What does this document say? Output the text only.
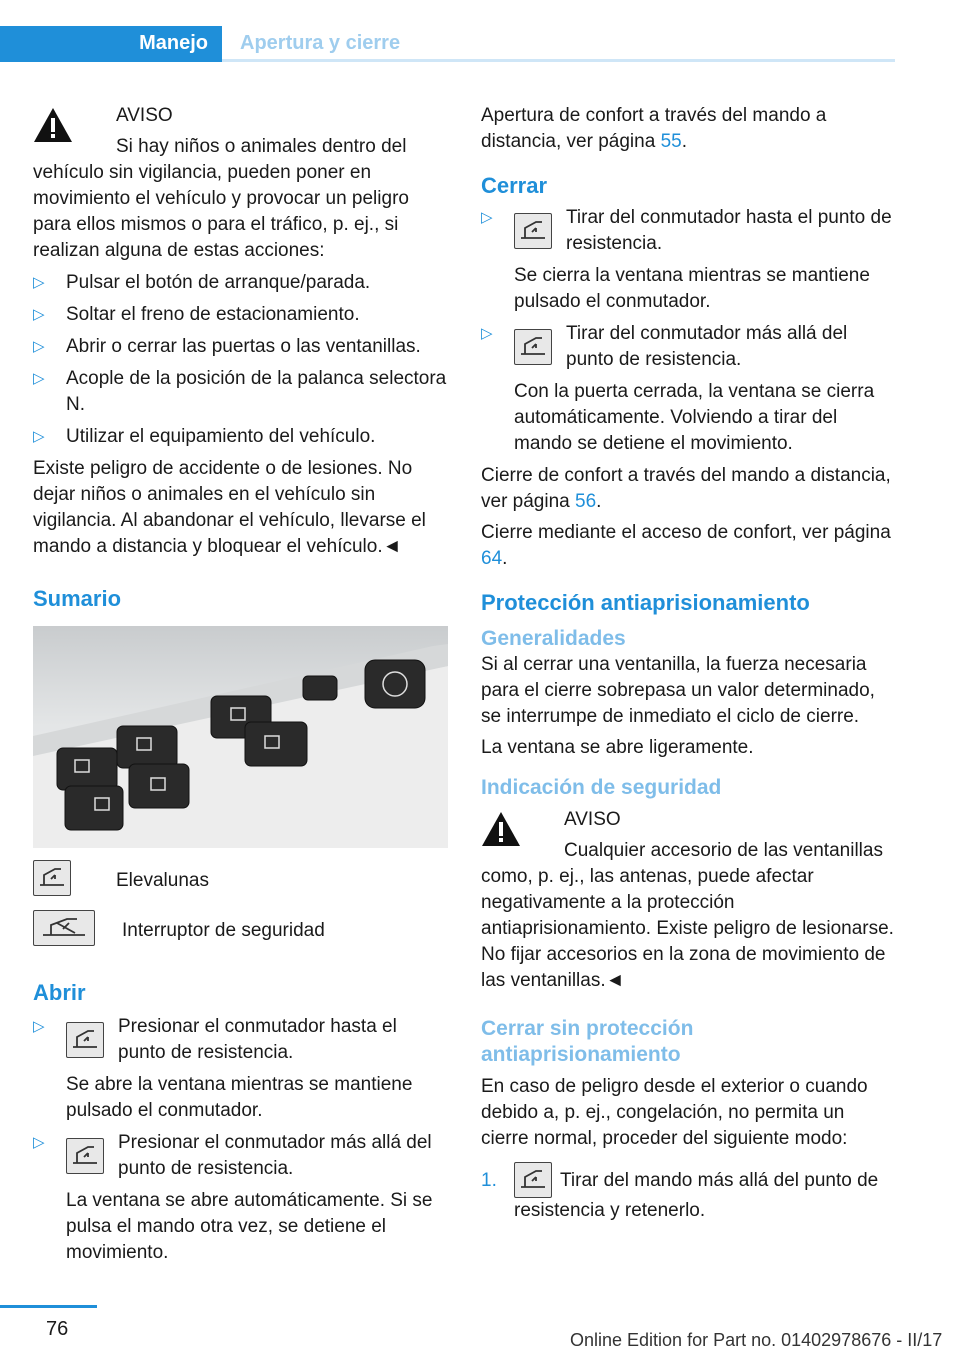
Manejo	Apertura y cierre

AVISO

Si hay niños o animales dentro del vehículo sin vigilancia, pueden poner en movimiento el vehículo y provocar un peligro para ellos mismos o para el tráfico, p. ej., si realizan alguna de estas acciones:

▷ Pulsar el botón de arranque/parada.
▷ Soltar el freno de estacionamiento.
▷ Abrir o cerrar las puertas o las ventanillas.
▷ Acople de la posición de la palanca selectora N.
▷ Utilizar el equipamiento del vehículo.

Existe peligro de accidente o de lesiones. No dejar niños o animales en el vehículo sin vigilancia. Al abandonar el vehículo, llevarse el mando a distancia y bloquear el vehículo.◄

Sumario
Elevalunas
Interruptor de seguridad
Abrir
▷	Presionar el conmutador hasta el punto de resistencia.

Se abre la ventana mientras se mantiene pulsado el conmutador.

▷	Presionar el conmutador más allá del punto de resistencia.

La ventana se abre automáticamente. Si se pulsa el mando otra vez, se detiene el movimiento.

Apertura de confort a través del mando a distancia, ver página 55.

Cerrar
▷	Tirar del conmutador hasta el punto de resistencia.

Se cierra la ventana mientras se mantiene pulsado el conmutador.

▷	Tirar del conmutador más allá del punto de resistencia.

Con la puerta cerrada, la ventana se cierra automáticamente. Volviendo a tirar del mando se detiene el movimiento.

Cierre de confort a través del mando a distancia, ver página 56.

Cierre mediante el acceso de confort, ver página 64.

Protección antiaprisionamiento
Generalidades

Si al cerrar una ventanilla, la fuerza necesaria para el cierre sobrepasa un valor determinado, se interrumpe de inmediato el ciclo de cierre.

La ventana se abre ligeramente.

Indicación de seguridad

AVISO

Cualquier accesorio de las ventanillas como, p. ej., las antenas, puede afectar negativamente a la protección antiaprisionamiento. Existe peligro de lesionarse. No fijar accesorios en la zona de movimiento de las ventanillas.◄

Cerrar sin protección antiaprisionamiento

En caso de peligro desde el exterior o cuando debido a, p. ej., congelación, no permita un cierre normal, proceder del siguiente modo:

1.	Tirar del mando más allá del punto de resistencia y retenerlo.
76	Online Edition for Part no. 01402978676 - II/17
